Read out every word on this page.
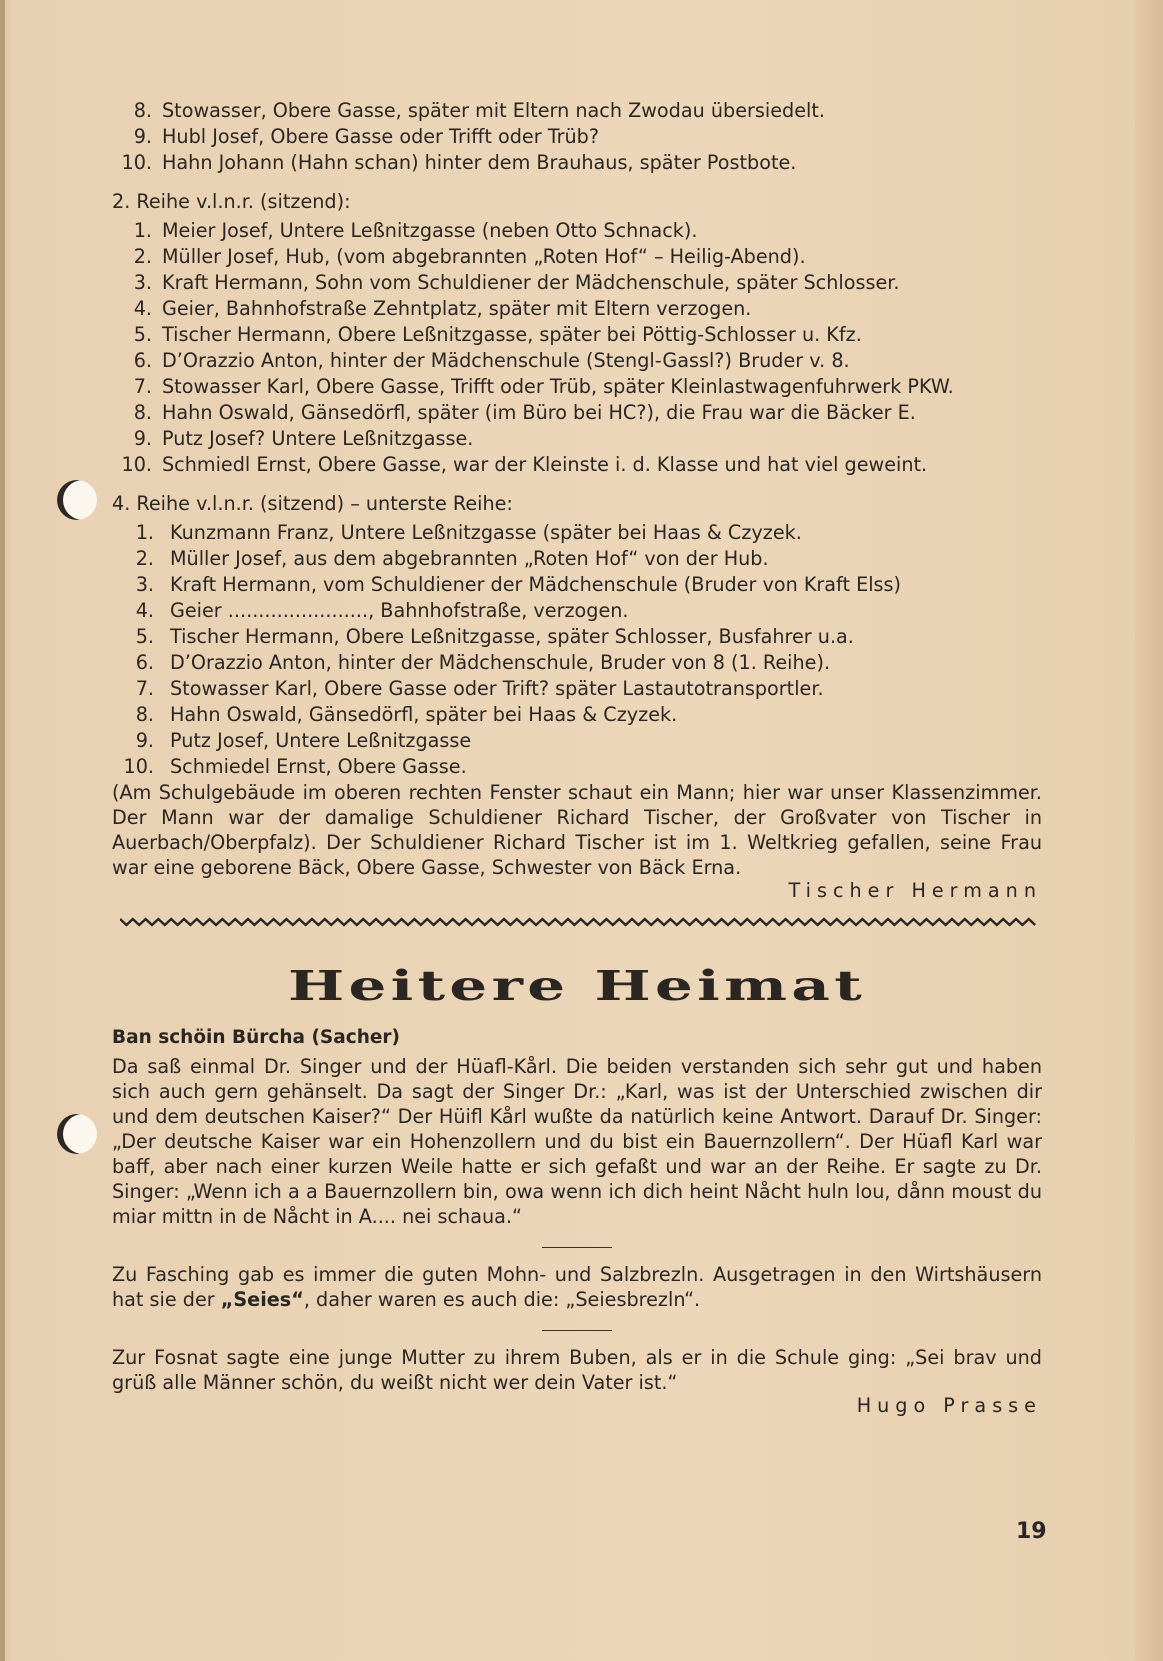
8. Stowasser, Obere Gasse, später mit Eltern nach Zwodau übersiedelt.
9. Hubl Josef, Obere Gasse oder Trifft oder Trüb?
10. Hahn Johann (Hahn schan) hinter dem Brauhaus, später Postbote.
2. Reihe v.l.n.r. (sitzend):
1. Meier Josef, Untere Leßnitzgasse (neben Otto Schnack).
2. Müller Josef, Hub, (vom abgebrannten „Roten Hof“ – Heilig-Abend).
3. Kraft Hermann, Sohn vom Schuldiener der Mädchenschule, später Schlosser.
4. Geier, Bahnhofstraße Zehntplatz, später mit Eltern verzogen.
5. Tischer Hermann, Obere Leßnitzgasse, später bei Pöttig-Schlosser u. Kfz.
6. D’Orazzio Anton, hinter der Mädchenschule (Stengl-Gassl?) Bruder v. 8.
7. Stowasser Karl, Obere Gasse, Trifft oder Trüb, später Kleinlastwagenfuhrwerk PKW.
8. Hahn Oswald, Gänsedörfl, später (im Büro bei HC?), die Frau war die Bäcker E.
9. Putz Josef? Untere Leßnitzgasse.
10. Schmiedl Ernst, Obere Gasse, war der Kleinste i. d. Klasse und hat viel geweint.
4. Reihe v.l.n.r. (sitzend) – unterste Reihe:
1. Kunzmann Franz, Untere Leßnitzgasse (später bei Haas & Czyzek.
2. Müller Josef, aus dem abgebrannten „Roten Hof“ von der Hub.
3. Kraft Hermann, vom Schuldiener der Mädchenschule (Bruder von Kraft Elss)
4. Geier ......................., Bahnhofstraße, verzogen.
5. Tischer Hermann, Obere Leßnitzgasse, später Schlosser, Busfahrer u.a.
6. D’Orazzio Anton, hinter der Mädchenschule, Bruder von 8 (1. Reihe).
7. Stowasser Karl, Obere Gasse oder Trift? später Lastautotransportler.
8. Hahn Oswald, Gänsedörfl, später bei Haas & Czyzek.
9. Putz Josef, Untere Leßnitzgasse
10. Schmiedel Ernst, Obere Gasse.

(Am Schulgebäude im oberen rechten Fenster schaut ein Mann; hier war unser Klassenzimmer. Der Mann war der damalige Schuldiener Richard Tischer, der Großvater von Tischer in Auerbach/Oberpfalz). Der Schuldiener Richard Tischer ist im 1. Weltkrieg gefallen, seine Frau war eine geborene Bäck, Obere Gasse, Schwester von Bäck Erna.

Tischer Hermann
Heitere Heimat
Ban schöin Bürcha (Sacher)

Da saß einmal Dr. Singer und der Hüafl-Kårl. Die beiden verstanden sich sehr gut und haben sich auch gern gehänselt. Da sagt der Singer Dr.: „Karl, was ist der Unterschied zwischen dir und dem deutschen Kaiser?“ Der Hüifl Kårl wußte da natürlich keine Antwort. Darauf Dr. Singer: „Der deutsche Kaiser war ein Hohenzollern und du bist ein Bauernzollern“. Der Hüafl Karl war baff, aber nach einer kurzen Weile hatte er sich gefaßt und war an der Reihe. Er sagte zu Dr. Singer: „Wenn ich a a Bauernzollern bin, owa wenn ich dich heint Nåcht huln lou, dånn moust du miar mittn in de Nåcht in A.... nei schaua.“

Zu Fasching gab es immer die guten Mohn- und Salzbrezln. Ausgetragen in den Wirtshäusern hat sie der „Seies“, daher waren es auch die: „Seiesbrezln“.

Zur Fosnat sagte eine junge Mutter zu ihrem Buben, als er in die Schule ging: „Sei brav und grüß alle Männer schön, du weißt nicht wer dein Vater ist.“

Hugo Prasse
19
